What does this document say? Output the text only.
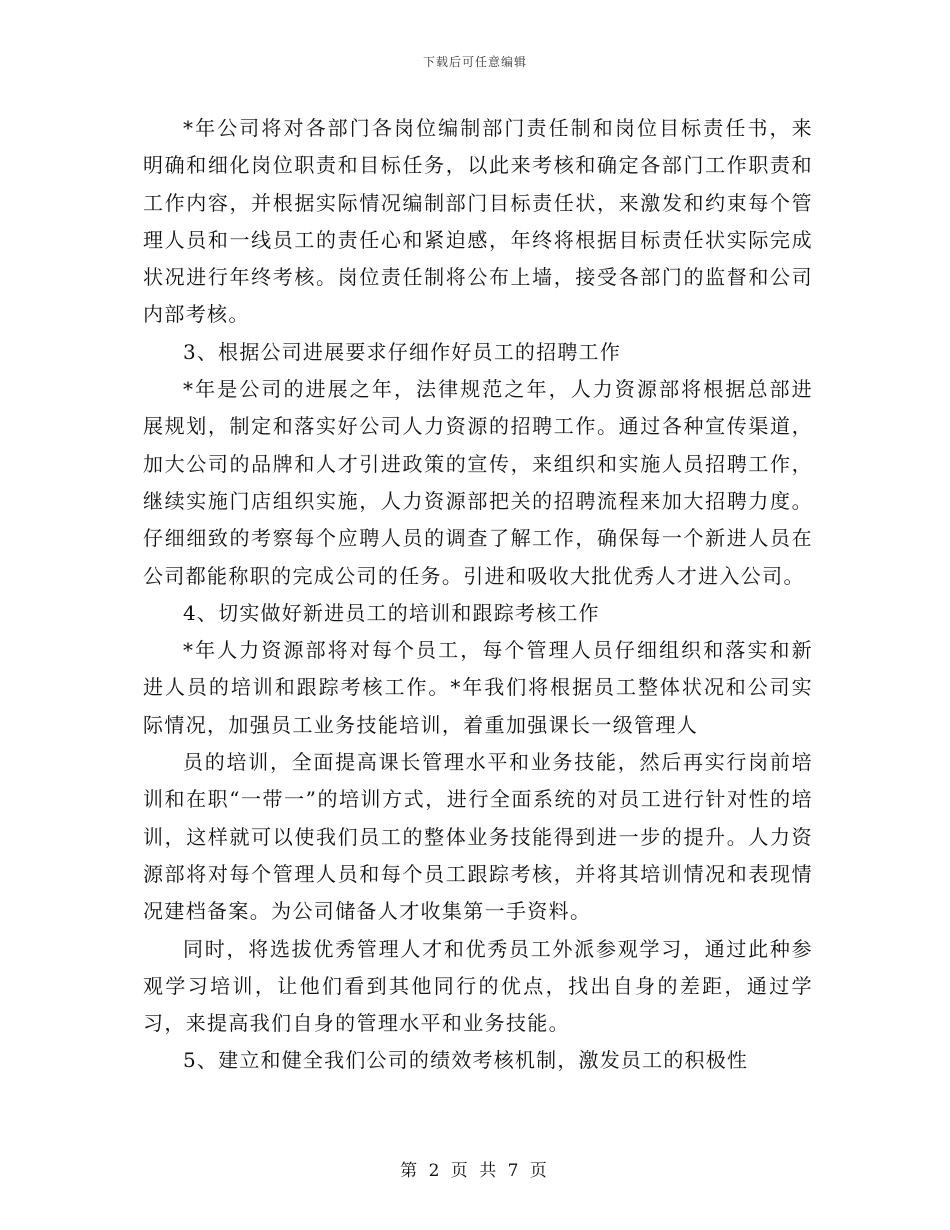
下载后可任意编辑

*年公司将对各部门各岗位编制部门责任制和岗位目标责任书，来明确和细化岗位职责和目标任务，以此来考核和确定各部门工作职责和工作内容，并根据实际情况编制部门目标责任状，来激发和约束每个管理人员和一线员工的责任心和紧迫感，年终将根据目标责任状实际完成状况进行年终考核。岗位责任制将公布上墙，接受各部门的监督和公司内部考核。

3、根据公司进展要求仔细作好员工的招聘工作

*年是公司的进展之年，法律规范之年，人力资源部将根据总部进展规划，制定和落实好公司人力资源的招聘工作。通过各种宣传渠道，加大公司的品牌和人才引进政策的宣传，来组织和实施人员招聘工作，继续实施门店组织实施，人力资源部把关的招聘流程来加大招聘力度。仔细细致的考察每个应聘人员的调查了解工作，确保每一个新进人员在公司都能称职的完成公司的任务。引进和吸收大批优秀人才进入公司。

4、切实做好新进员工的培训和跟踪考核工作

*年人力资源部将对每个员工，每个管理人员仔细组织和落实和新进人员的培训和跟踪考核工作。*年我们将根据员工整体状况和公司实际情况，加强员工业务技能培训，着重加强课长一级管理人

员的培训，全面提高课长管理水平和业务技能，然后再实行岗前培训和在职“一带一”的培训方式，进行全面系统的对员工进行针对性的培训，这样就可以使我们员工的整体业务技能得到进一步的提升。人力资源部将对每个管理人员和每个员工跟踪考核，并将其培训情况和表现情况建档备案。为公司储备人才收集第一手资料。

同时，将选拔优秀管理人才和优秀员工外派参观学习，通过此种参观学习培训，让他们看到其他同行的优点，找出自身的差距，通过学习，来提高我们自身的管理水平和业务技能。

5、建立和健全我们公司的绩效考核机制，激发员工的积极性

第 2 页 共 7 页
